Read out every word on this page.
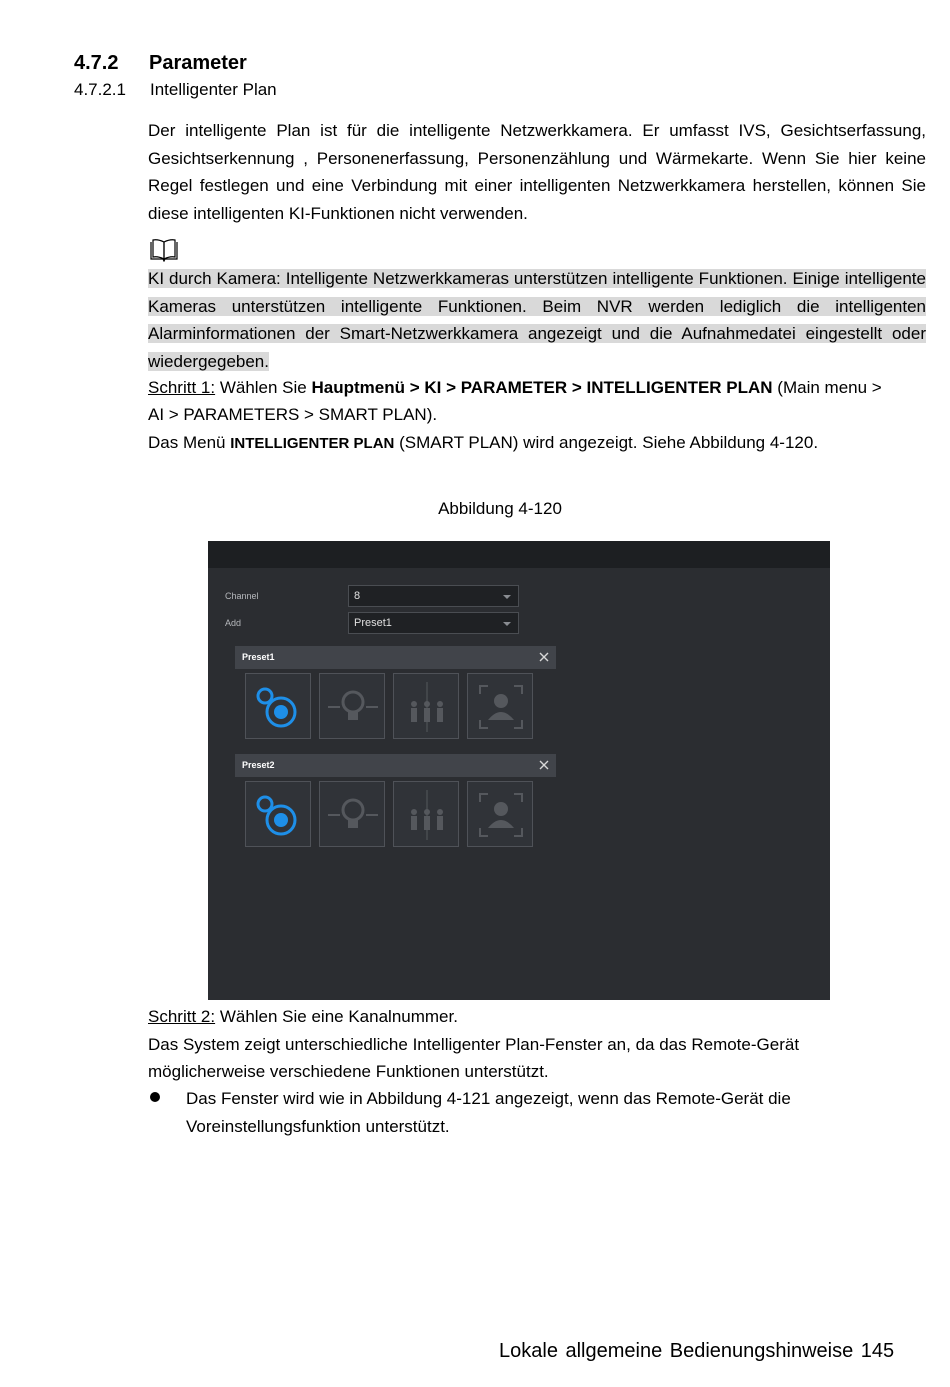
4.7.2 Parameter
4.7.2.1 Intelligenter Plan
Der intelligente Plan ist für die intelligente Netzwerkkamera. Er umfasst IVS, Gesichtserfassung, Gesichtserkennung , Personenerfassung, Personenzählung und Wärmekarte. Wenn Sie hier keine Regel festlegen und eine Verbindung mit einer intelligenten Netzwerkkamera herstellen, können Sie diese intelligenten KI-Funktionen nicht verwenden.
KI durch Kamera: Intelligente Netzwerkkameras unterstützen intelligente Funktionen. Einige intelligente Kameras unterstützen intelligente Funktionen. Beim NVR werden lediglich die intelligenten Alarminformationen der Smart-Netzwerkkamera angezeigt und die Aufnahmedatei eingestellt oder wiedergegeben.
Schritt 1: Wählen Sie Hauptmenü > KI > PARAMETER > INTELLIGENTER PLAN (Main menu >
AI > PARAMETERS > SMART PLAN).
Das Menü INTELLIGENTER PLAN (SMART PLAN) wird angezeigt. Siehe Abbildung 4-120.
Abbildung 4-120
Channel	8
Add	Preset1
Preset1
Preset2
Schritt 2: Wählen Sie eine Kanalnummer.
Das System zeigt unterschiedliche Intelligenter Plan-Fenster an, da das Remote-Gerät
möglicherweise verschiedene Funktionen unterstützt.
Das Fenster wird wie in Abbildung 4-121 angezeigt, wenn das Remote-Gerät die Voreinstellungsfunktion unterstützt.
Lokale allgemeine Bedienungshinweise 145
